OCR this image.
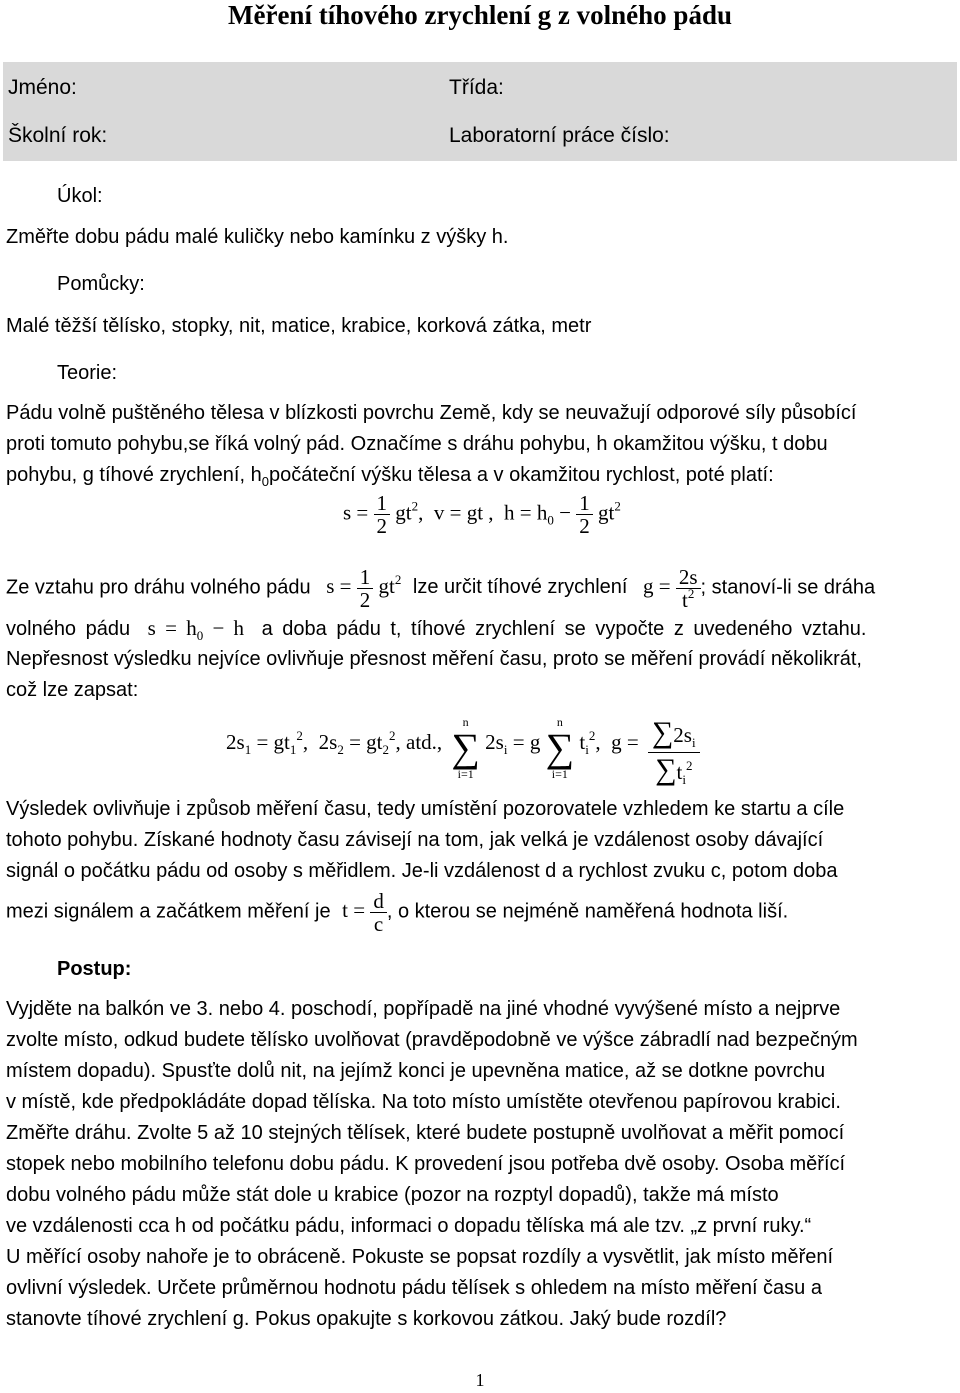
Měření tíhového zrychlení g z volného pádu
Jméno:	Třída:
Školní rok:	Laboratorní práce číslo:
Úkol:
Změřte dobu pádu malé kuličky nebo kamínku z výšky h.
Pomůcky:
Malé těžší tělísko, stopky, nit, matice, krabice, korková zátka, metr
Teorie:
Pádu volně puštěného tělesa v blízkosti povrchu Země, kdy se neuvažují odporové síly působící
proti tomuto pohybu,se říká volný pád. Označíme s dráhu pohybu, h okamžitou výšku, t dobu
pohybu, g tíhové zrychlení, $h_0počáteční$ výšku tělesa a v okamžitou rychlost, poté platí:
$s = \frac{1}{2} gt^2$,  v = gt ,  $h = h_0 - \frac{1}{2} gt^2$
Ze vztahu pro dráhu volného pádu $s = \frac{1}{2} gt^2$ lze určit tíhové zrychlení $g = \frac{2s}{t^2}$ ; stanoví-li se dráha
volného pádu $s = h_0 - h$ a doba pádu t, tíhové zrychlení se vypočte z uvedeného vztahu.
Nepřesnost výsledku nejvíce ovlivňuje přesnost měření času, proto se měření provádí několikrát,
což lze zapsat:
$2s_1 = gt_1^2$,  $2s_2 = gt_2^2$, atd.,
n
∑
i=1
$2s_i = g$
n
∑
i=1
$t_i^2$,  $g = \frac{\sum 2s_i}{\sum t_i^2}$
Výsledek ovlivňuje i způsob měření času, tedy umístění pozorovatele vzhledem ke startu a cíle
tohoto pohybu. Získané hodnoty času závisejí na tom, jak velká je vzdálenost osoby dávající
signál o počátku pádu od osoby s měřidlem. Je-li vzdálenost d a rychlost zvuku c, potom doba
mezi signálem a začátkem měření je $t = \frac{d}{c}$ , o kterou se nejméně naměřená hodnota liší.
Postup:
Vyjděte na balkón ve 3. nebo 4. poschodí, popřípadě na jiné vhodné vyvýšené místo a nejprve
zvolte místo, odkud budete tělísko uvolňovat (pravděpodobně ve výšce zábradlí nad bezpečným
místem dopadu). Spusťte dolů nit, na jejímž konci je upevněna matice, až se dotkne povrchu
v místě, kde předpokládáte dopad tělíska. Na toto místo umístěte otevřenou papírovou krabici.
Změřte dráhu. Zvolte 5 až 10 stejných tělísek, které budete postupně uvolňovat a měřit pomocí
stopek nebo mobilního telefonu dobu pádu. K provedení jsou potřeba dvě osoby. Osoba měřící
dobu volného pádu může stát dole u krabice (pozor na rozptyl dopadů), takže má místo
ve vzdálenosti cca h od počátku pádu, informaci o dopadu tělíska má ale tzv. „z první ruky.“
U měřící osoby nahoře je to obráceně. Pokuste se popsat rozdíly a vysvětlit, jak místo měření
ovlivní výsledek. Určete průměrnou hodnotu pádu tělísek s ohledem na místo měření času a
stanovte tíhové zrychlení g. Pokus opakujte s korkovou zátkou. Jaký bude rozdíl?
1
